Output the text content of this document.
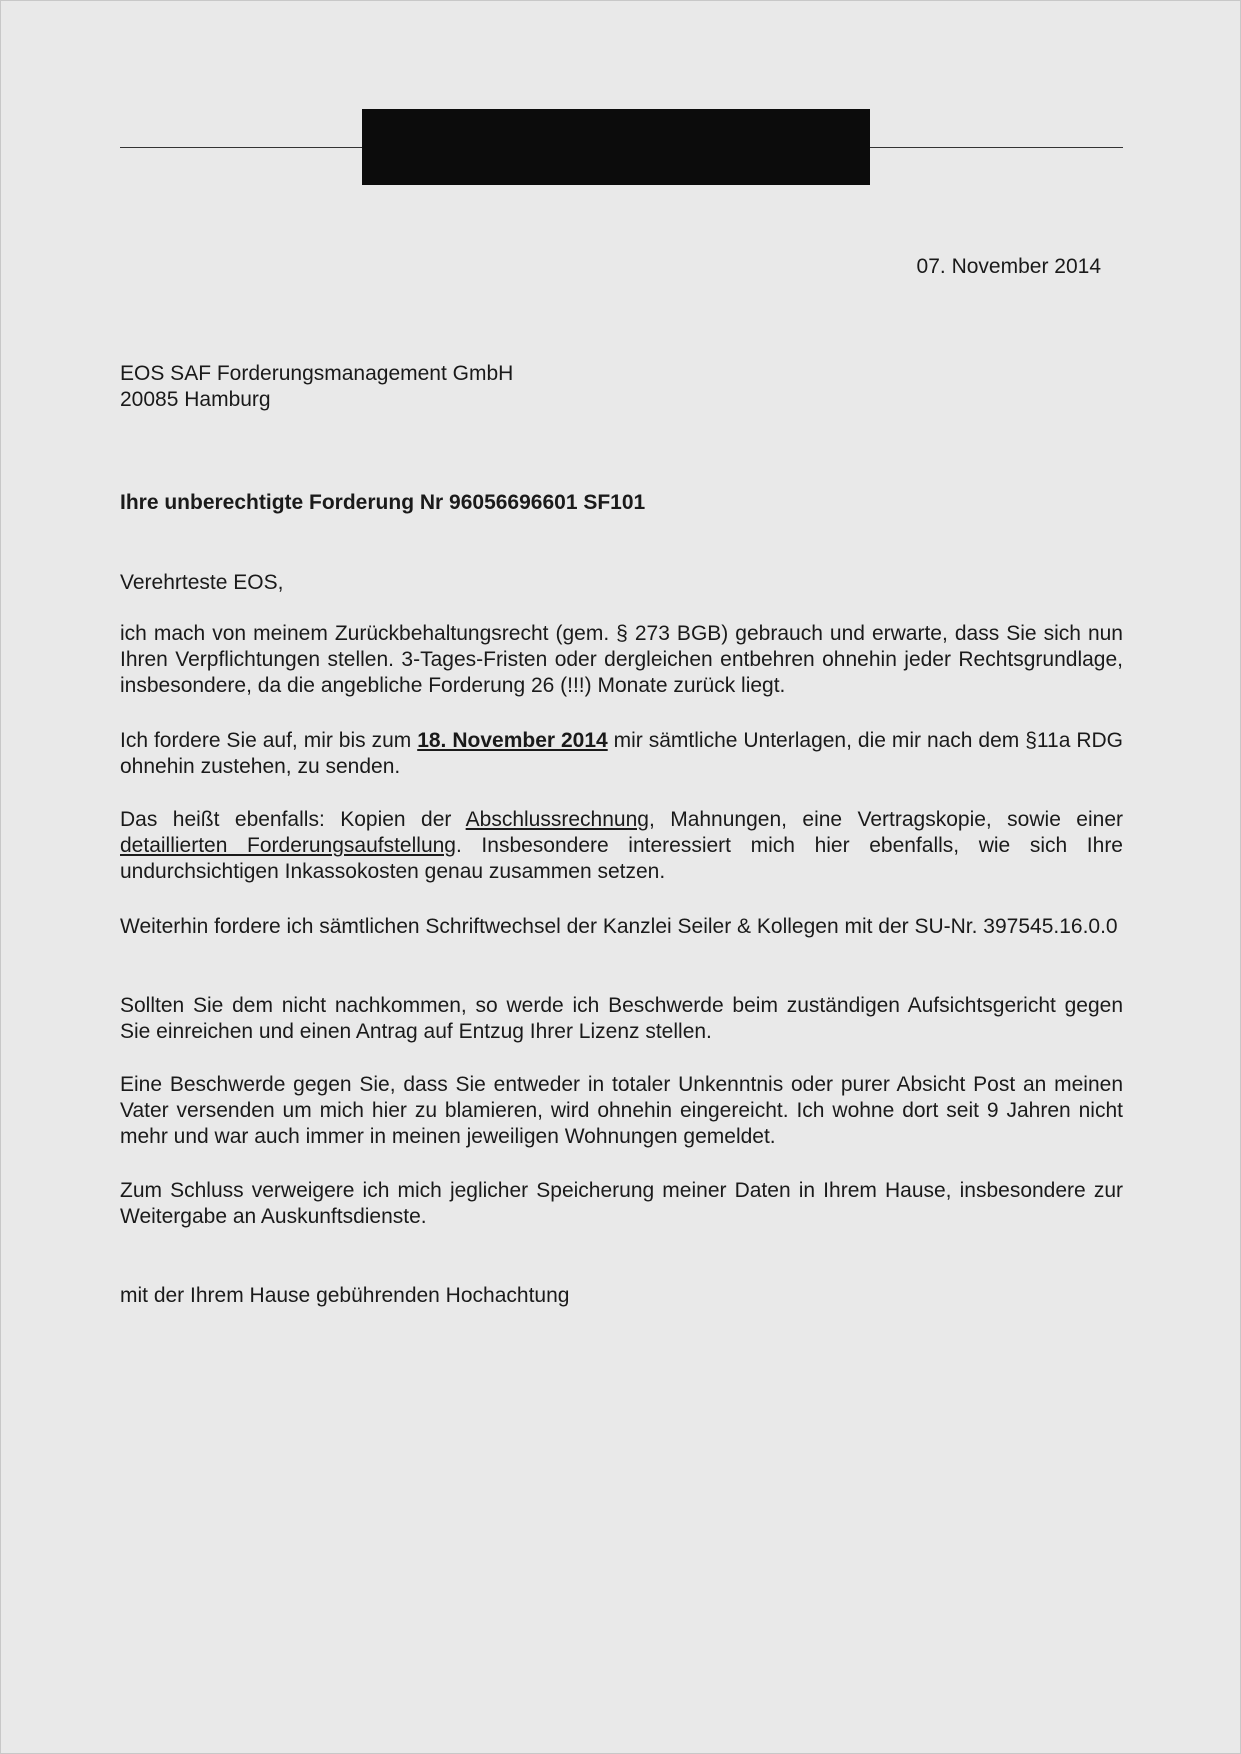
07. November 2014
EOS SAF Forderungsmanagement GmbH
20085 Hamburg
Ihre unberechtigte Forderung Nr 96056696601 SF101
Verehrteste EOS,

ich mach von meinem Zurückbehaltungsrecht (gem. § 273 BGB) gebrauch und erwarte, dass Sie sich nun Ihren Verpflichtungen stellen. 3-Tages-Fristen oder dergleichen entbehren ohnehin jeder Rechtsgrundlage, insbesondere, da die angebliche Forderung 26 (!!!) Monate zurück liegt.

Ich fordere Sie auf, mir bis zum 18. November 2014 mir sämtliche Unterlagen, die mir nach dem §11a RDG ohnehin zustehen, zu senden.

Das heißt ebenfalls: Kopien der Abschlussrechnung, Mahnungen, eine Vertragskopie, sowie einer detaillierten Forderungsaufstellung. Insbesondere interessiert mich hier ebenfalls, wie sich Ihre undurchsichtigen Inkassokosten genau zusammen setzen.

Weiterhin fordere ich sämtlichen Schriftwechsel der Kanzlei Seiler & Kollegen mit der SU-Nr. 397545.16.0.0

Sollten Sie dem nicht nachkommen, so werde ich Beschwerde beim zuständigen Aufsichtsgericht gegen Sie einreichen und einen Antrag auf Entzug Ihrer Lizenz stellen.

Eine Beschwerde gegen Sie, dass Sie entweder in totaler Unkenntnis oder purer Absicht Post an meinen Vater versenden um mich hier zu blamieren, wird ohnehin eingereicht. Ich wohne dort seit 9 Jahren nicht mehr und war auch immer in meinen jeweiligen Wohnungen gemeldet.

Zum Schluss verweigere ich mich jeglicher Speicherung meiner Daten in Ihrem Hause, insbesondere zur Weitergabe an Auskunftsdienste.

mit der Ihrem Hause gebührenden Hochachtung
